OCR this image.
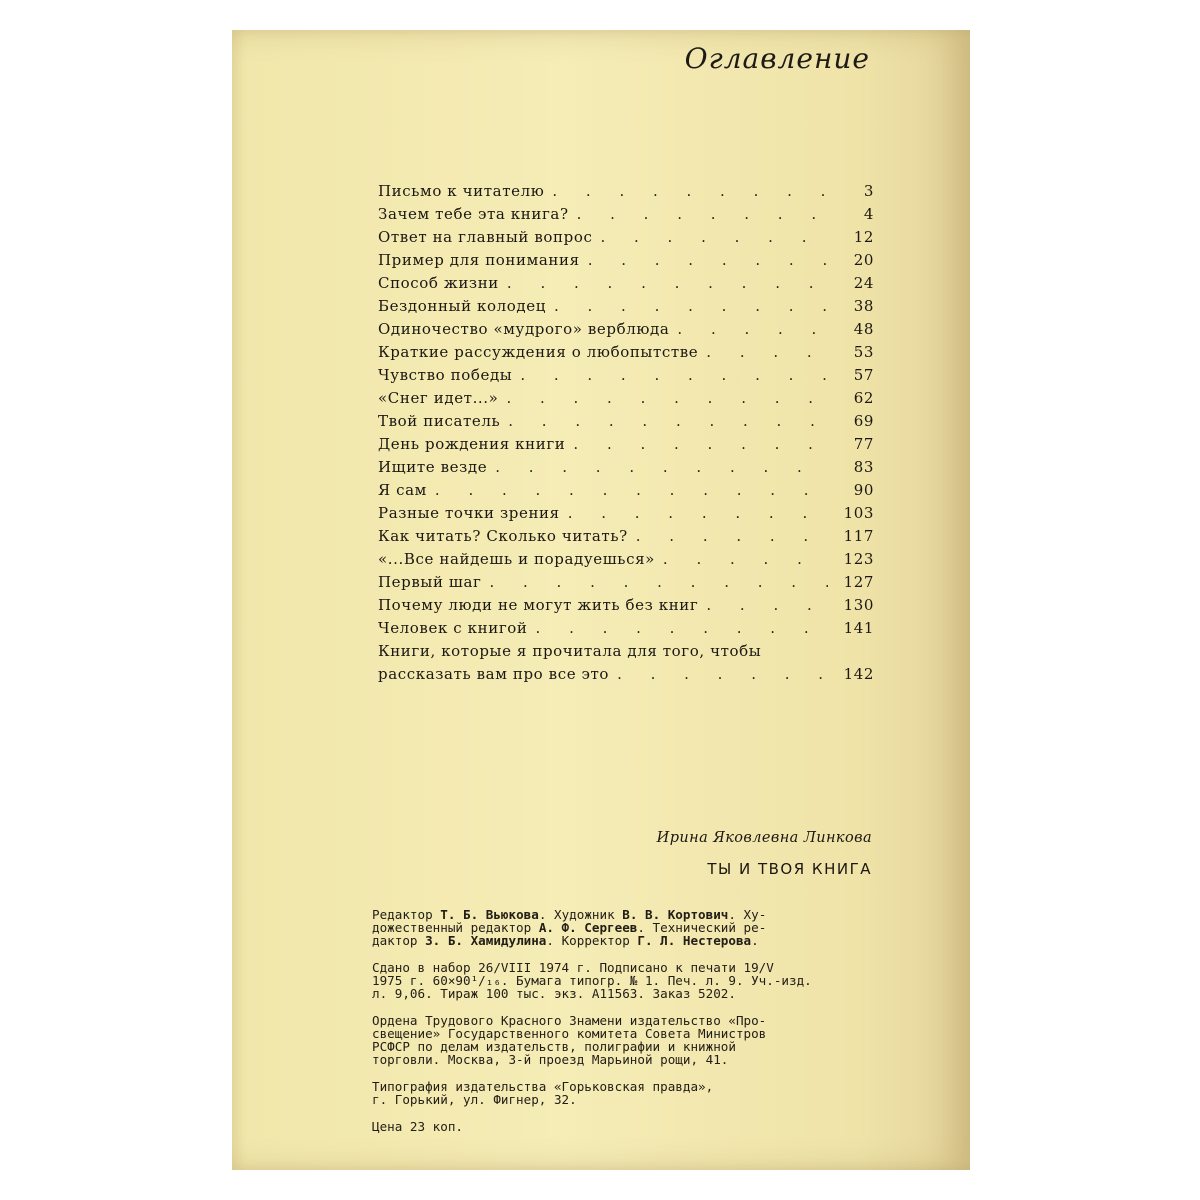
Оглавление
Письмо к читателю . . .	3
Зачем тебе эта книга? . . .	4
Ответ на главный вопрос . . .	12
Пример для понимания . . .	20
Способ жизни . . .	24
Бездонный колодец . . .	38
Одиночество «мудрого» верблюда . . .	48
Краткие рассуждения о любопытстве . . .	53
Чувство победы . . .	57
«Снег идет...» . . .	62
Твой писатель . . .	69
День рождения книги . . .	77
Ищите везде . . .	83
Я сам . . .	90
Разные точки зрения . . .	103
Как читать? Сколько читать? . . .	117
«...Все найдешь и порадуешься» . . .	123
Первый шаг . . .	127
Почему люди не могут жить без книг . . .	130
Человек с книгой . . .	141
Книги, которые я прочитала для того, чтобы
рассказать вам про все это . . .	142

Ирина Яковлевна Линкова

ТЫ И ТВОЯ КНИГА

Редактор Т. Б. Вьюкова. Художник В. В. Кортович. Ху-

дожественный редактор А. Ф. Сергеев. Технический ре-

дактор З. Б. Хамидулина. Корректор Г. Л. Нестерова.

Сдано в набор 26/VIII 1974 г. Подписано к печати 19/V

1975 г. 60×90¹/₁₆. Бумага типогр. № 1. Печ. л. 9. Уч.-изд.

л. 9,06. Тираж 100 тыс. экз. А11563. Заказ 5202.

Ордена Трудового Красного Знамени издательство «Про-

свещение» Государственного комитета Совета Министров

РСФСР по делам издательств, полиграфии и книжной

торговли. Москва, 3-й проезд Марьиной рощи, 41.

Типография издательства «Горьковская правда»,

г. Горький, ул. Фигнер, 32.

Цена 23 коп.
